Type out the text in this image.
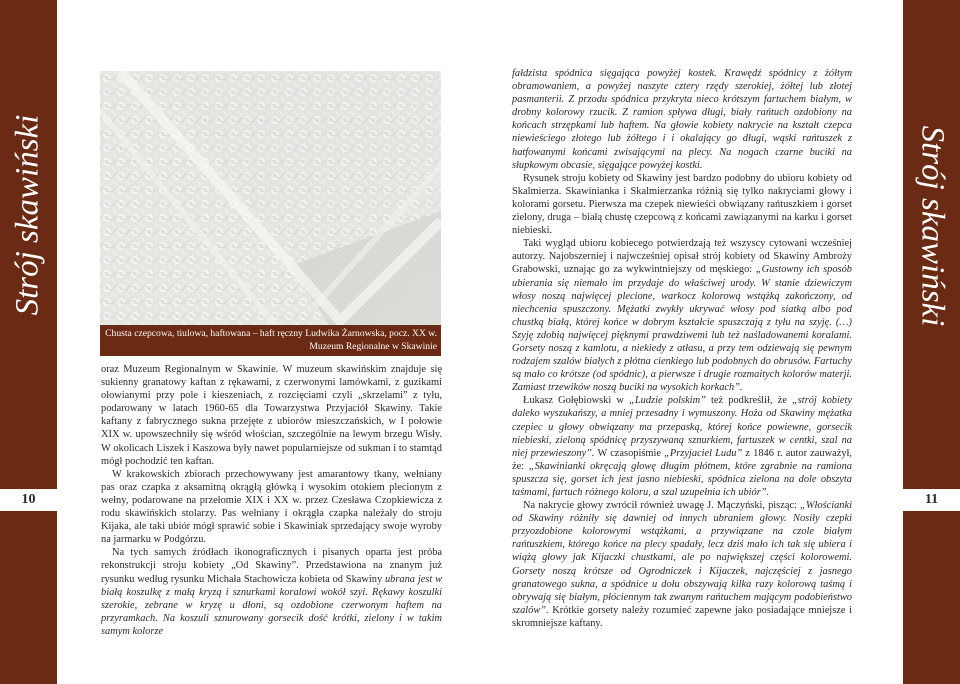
Strój skawiński
10
Strój skawiński
11
Chusta czepcowa, tiulowa, haftowana – haft ręczny Ludwika Żarnowska, pocz. XX w.
Muzeum Regionalne w Skawinie

oraz Muzeum Regionalnym w Skawinie. W muzeum skawińskim znajduje się sukienny granatowy kaftan z rękawami, z czerwonymi lamówkami, z guzikami ołowianymi przy pole i kieszeniach, z rozcięciami czyli „skrzelami” z tyłu, podarowany w latach 1960-65 dla Towarzystwa Przyjaciół Skawiny. Takie kaftany z fabrycznego sukna przejęte z ubiorów mieszczańskich, w I połowie XIX w. upowszechniły się wśród włościan, szczególnie na lewym brzegu Wisły. W okolicach Liszek i Kaszowa były nawet popularniejsze od sukman i to stamtąd mógł pochodzić ten kaftan.

W krakowskich zbiorach przechowywany jest amarantowy tkany, wełniany pas oraz czapka z aksamitną okrągłą główką i wysokim otokiem plecionym z wełny, podarowane na przełomie XIX i XX w. przez Czesława Czopkiewicza z rodu skawińskich stolarzy. Pas wełniany i okrągła czapka należały do stroju Kijaka, ale taki ubiór mógł sprawić sobie i Skawiniak sprzedający swoje wyroby na jarmarku w Podgórzu.

Na tych samych źródłach ikonograficznych i pisanych oparta jest próba rekonstrukcji stroju kobiety „Od Skawiny”. Przedstawiona na znanym już rysunku według rysunku Michała Stachowicza kobieta od Skawiny ubrana jest w białą koszulkę z małą kryzą i sznurkami koralowi wokół szyi. Rękawy koszulki szerokie, zebrane w kryzę u dłoni, są ozdobione czerwonym haftem na przyramkach. Na koszuli sznurowany gorsecik dość krótki, zielony i w takim samym kolorze

fałdzista spódnica sięgająca powyżej kostek. Krawędź spódnicy z żółtym obramowaniem, a powyżej naszyte cztery rzędy szerokiej, żółtej lub złotej pasmanterii. Z przodu spódnica przykryta nieco krótszym fartuchem białym, w drobny kolorowy rzucik. Z ramion spływa długi, biały rańtuch ozdobiony na końcach strzępkami lub haftem. Na głowie kobiety nakrycie na kształt czepca niewieściego złotego lub żółtego i i okalający go długi, wąski rańtuszek z hatfowanymi końcami zwisającymi na plecy. Na nogach czarne buciki na słupkowym obcasie, sięgające powyżej kostki.

Rysunek stroju kobiety od Skawiny jest bardzo podobny do ubioru kobiety od Skalmierza. Skawinianka i Skalmierzanka różnią się tylko nakryciami głowy i kolorami gorsetu. Pierwsza ma czepek niewieści obwiązany rańtuszkiem i gorset zielony, druga – białą chustę czepcową z końcami zawiązanymi na karku i gorset niebieski.

Taki wygląd ubioru kobiecego potwierdzają też wszyscy cytowani wcześniej autorzy. Najobszerniej i najwcześniej opisał strój kobiety od Skawiny Ambroży Grabowski, uznając go za wykwintniejszy od męskiego: „Gustowny ich sposób ubierania się niemało im przydaje do właściwej urody. W stanie dziewiczym włosy noszą najwięcej plecione, warkocz kolorową wstążką zakończony, od niechcenia spuszczony. Mężatki zwykły ukrywać włosy pod siatką albo pod chustką białą, której końce w dobrym kształcie spuszczają z tyłu na szyję. (…) Szyję zdobią najwięcej pięknymi prawdziwemi lub też naśladowanemi koralami. Gorsety noszą z kamlotu, a niekiedy z atłasu, a przy tem odziewają się pewnym rodzajem szalów białych z płótna cienkiego lub podobnych do obrusów. Fartuchy są mało co krótsze (od spódnic), a pierwsze i drugie rozmaitych kolorów materji. Zamiast trzewików noszą buciki na wysokich korkach”.

Łukasz Gołębiowski w „Ludzie polskim” też podkreślił, że „strój kobiety daleko wyszukańszy, a mniej przesadny i wymuszony. Hoża od Skawiny mężatka czepiec u głowy obwiązany ma przepaską, której końce powiewne, gorsecik niebieski, zieloną spódnicę przyszywaną sznurkiem, fartuszek w centki, szal na niej przewieszony”. W czasopiśmie „Przyjaciel Ludu” z 1846 r. autor zauważył, że: „Skawinianki okręcają głowę długim płótnem, które zgrabnie na ramiona spuszcza się, gorset ich jest jasno niebieski, spódnica zielona na dole obszyta taśmami, fartuch różnego koloru, a szal uzupełnia ich ubiór”.

Na nakrycie głowy zwrócił również uwagę J. Mączyński, pisząc: „Włościanki od Skawiny różniły się dawniej od innych ubraniem głowy. Nosiły czepki przyozdobione kolorowymi wstążkami, a przywiązane na czole białym rańtuszkiem, którego końce na plecy spadały, lecz dziś mało ich tak się ubiera i wiążą głowy jak Kijaczki chustkami, ale po największej części kolorowemi. Gorsety noszą krótsze od Ogrodniczek i Kijaczek, najczęściej z jasnego granatowego sukna, a spódnice u dołu obszywają kilka razy kolorową taśmą i obrywają się białym, płóciennym tak zwanym rańtuchem mającym podobieństwo szalów”. Krótkie gorsety należy rozumieć zapewne jako posiadające mniejsze i skromniejsze kaftany.
